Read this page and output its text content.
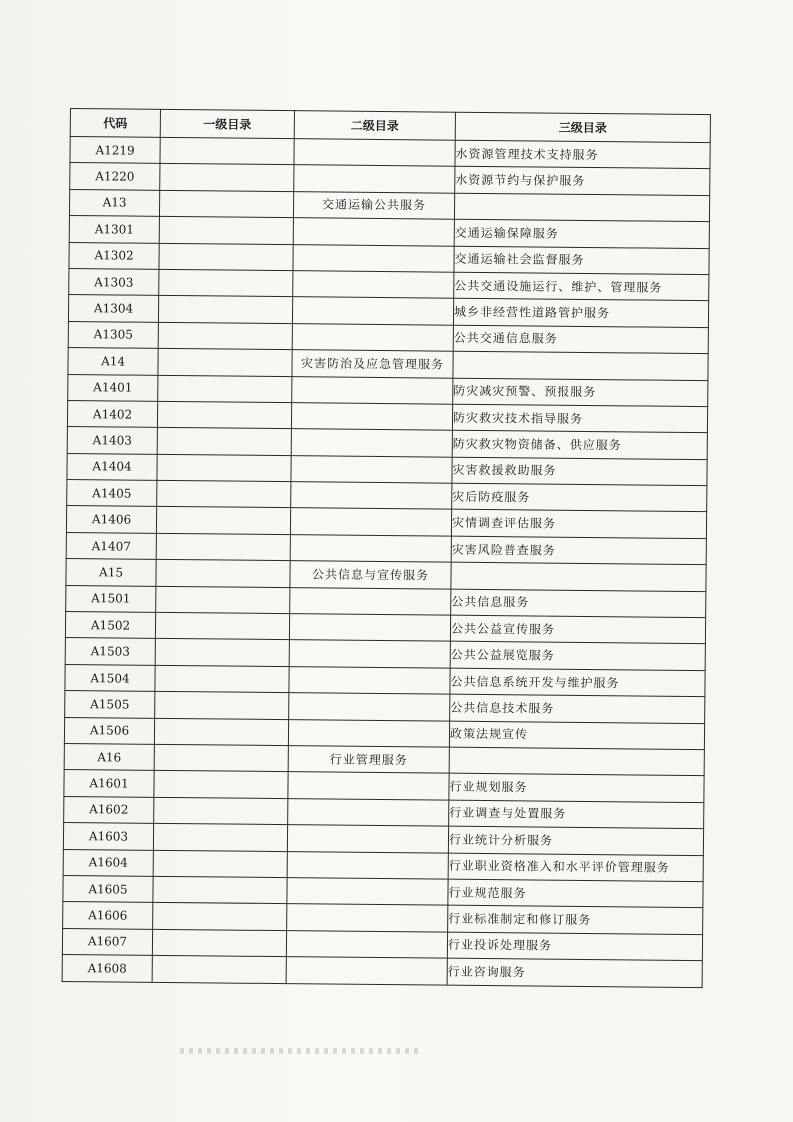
代码	一级目录	二级目录	三级目录
A1219			水资源管理技术支持服务
A1220			水资源节约与保护服务
A13		交通运输公共服务	
A1301			交通运输保障服务
A1302			交通运输社会监督服务
A1303			公共交通设施运行、维护、管理服务
A1304			城乡非经营性道路管护服务
A1305			公共交通信息服务
A14		灾害防治及应急管理服务	
A1401			防灾减灾预警、预报服务
A1402			防灾救灾技术指导服务
A1403			防灾救灾物资储备、供应服务
A1404			灾害救援救助服务
A1405			灾后防疫服务
A1406			灾情调查评估服务
A1407			灾害风险普查服务
A15		公共信息与宣传服务	
A1501			公共信息服务
A1502			公共公益宣传服务
A1503			公共公益展览服务
A1504			公共信息系统开发与维护服务
A1505			公共信息技术服务
A1506			政策法规宣传
A16		行业管理服务	
A1601			行业规划服务
A1602			行业调查与处置服务
A1603			行业统计分析服务
A1604			行业职业资格准入和水平评价管理服务
A1605			行业规范服务
A1606			行业标准制定和修订服务
A1607			行业投诉处理服务
A1608			行业咨询服务
